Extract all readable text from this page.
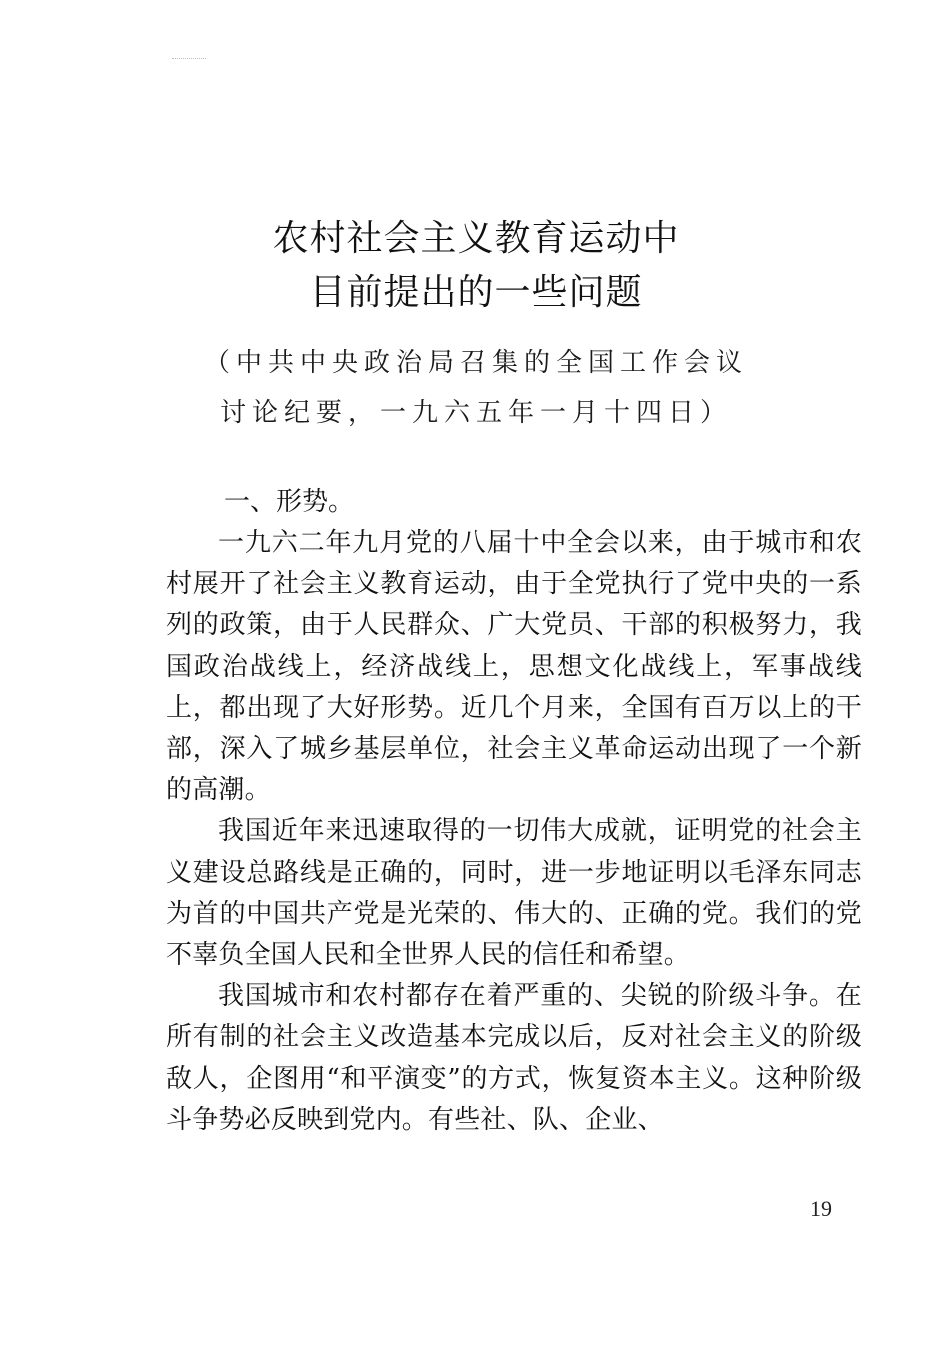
农村社会主义教育运动中
目前提出的一些问题
（中共中央政治局召集的全国工作会议
讨论纪要，一九六五年一月十四日）

一、形势。

一九六二年九月党的八届十中全会以来，由于城市和农村展开了社会主义教育运动，由于全党执行了党中央的一系列的政策，由于人民群众、广大党员、干部的积极努力，我国政治战线上，经济战线上，思想文化战线上，军事战线上，都出现了大好形势。近几个月来，全国有百万以上的干部，深入了城乡基层单位，社会主义革命运动出现了一个新的高潮。

我国近年来迅速取得的一切伟大成就，证明党的社会主义建设总路线是正确的，同时，进一步地证明以毛泽东同志为首的中国共产党是光荣的、伟大的、正确的党。我们的党不辜负全国人民和全世界人民的信任和希望。

我国城市和农村都存在着严重的、尖锐的阶级斗争。在所有制的社会主义改造基本完成以后，反对社会主义的阶级敌人，企图用“和平演变”的方式，恢复资本主义。这种阶级斗争势必反映到党内。有些社、队、企业、

19
